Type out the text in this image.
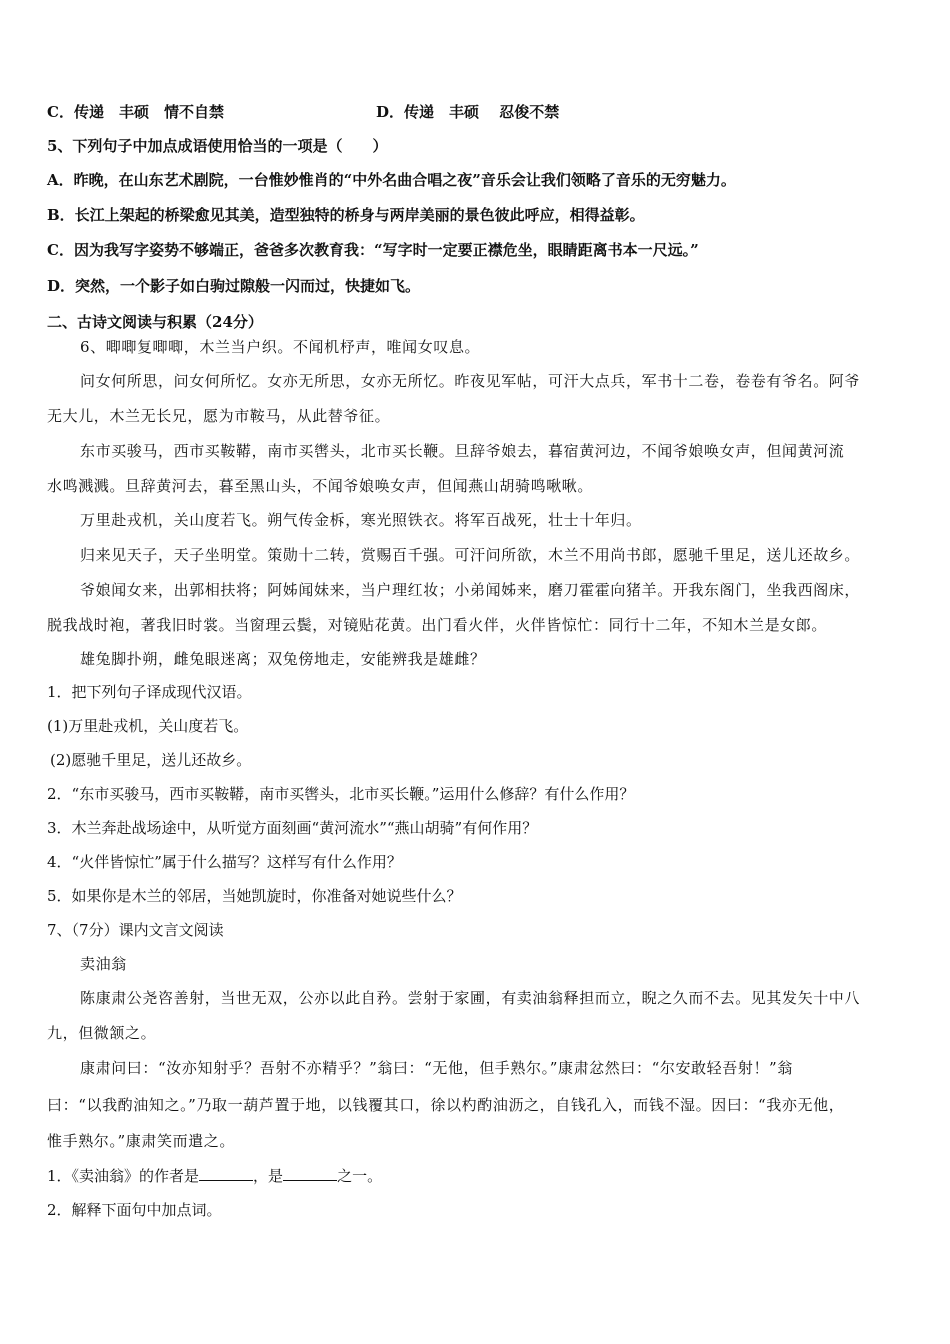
C．传递　丰硕　情不自禁	D．传递　丰硕　 忍俊不禁
5、下列句子中加点成语使用恰当的一项是（　　）
A．昨晚，在山东艺术剧院，一台惟妙惟肖的“中外名曲合唱之夜”音乐会让我们领略了音乐的无穷魅力。
B．长江上架起的桥梁愈见其美，造型独特的桥身与两岸美丽的景色彼此呼应，相得益彰。
C．因为我写字姿势不够端正，爸爸多次教育我：“写字时一定要正襟危坐，眼睛距离书本一尺远。”
D．突然，一个影子如白驹过隙般一闪而过，快捷如飞。
二、古诗文阅读与积累（24分）
6、唧唧复唧唧，木兰当户织。不闻机杼声，唯闻女叹息。
问女何所思，问女何所忆。女亦无所思，女亦无所忆。昨夜见军帖，可汗大点兵，军书十二卷，卷卷有爷名。阿爷
无大儿，木兰无长兄，愿为市鞍马，从此替爷征。
东市买骏马，西市买鞍鞯，南市买辔头，北市买长鞭。旦辞爷娘去，暮宿黄河边，不闻爷娘唤女声，但闻黄河流
水鸣溅溅。旦辞黄河去，暮至黑山头，不闻爷娘唤女声，但闻燕山胡骑鸣啾啾。
万里赴戎机，关山度若飞。朔气传金柝，寒光照铁衣。将军百战死，壮士十年归。
归来见天子，天子坐明堂。策勋十二转，赏赐百千强。可汗问所欲，木兰不用尚书郎，愿驰千里足，送儿还故乡。
爷娘闻女来，出郭相扶将；阿姊闻妹来，当户理红妆；小弟闻姊来，磨刀霍霍向猪羊。开我东阁门，坐我西阁床，
脱我战时袍，著我旧时裳。当窗理云鬓，对镜贴花黄。出门看火伴，火伴皆惊忙：同行十二年，不知木兰是女郎。
雄兔脚扑朔，雌兔眼迷离；双兔傍地走，安能辨我是雄雌？
1．把下列句子译成现代汉语。
(1)万里赴戎机，关山度若飞。
(2)愿驰千里足，送儿还故乡。
2．“东市买骏马，西市买鞍鞯，南市买辔头，北市买长鞭。”运用什么修辞？有什么作用？
3．木兰奔赴战场途中，从听觉方面刻画“黄河流水”“燕山胡骑”有何作用？
4．“火伴皆惊忙”属于什么描写？这样写有什么作用？
5．如果你是木兰的邻居，当她凯旋时，你准备对她说些什么？
7、（7分）课内文言文阅读
卖油翁
陈康肃公尧咨善射，当世无双，公亦以此自矜。尝射于家圃，有卖油翁释担而立，睨之久而不去。见其发矢十中八
九，但微颔之。
康肃问曰：“汝亦知射乎？吾射不亦精乎？”翁曰：“无他，但手熟尔。”康肃忿然曰：“尔安敢轻吾射！”翁
曰：“以我酌油知之。”乃取一葫芦置于地，以钱覆其口，徐以杓酌油沥之，自钱孔入，而钱不湿。因曰：“我亦无他，
惟手熟尔。”康肃笑而遣之。
1．《卖油翁》的作者是	，是	之一。
2．解释下面句中加点词。
